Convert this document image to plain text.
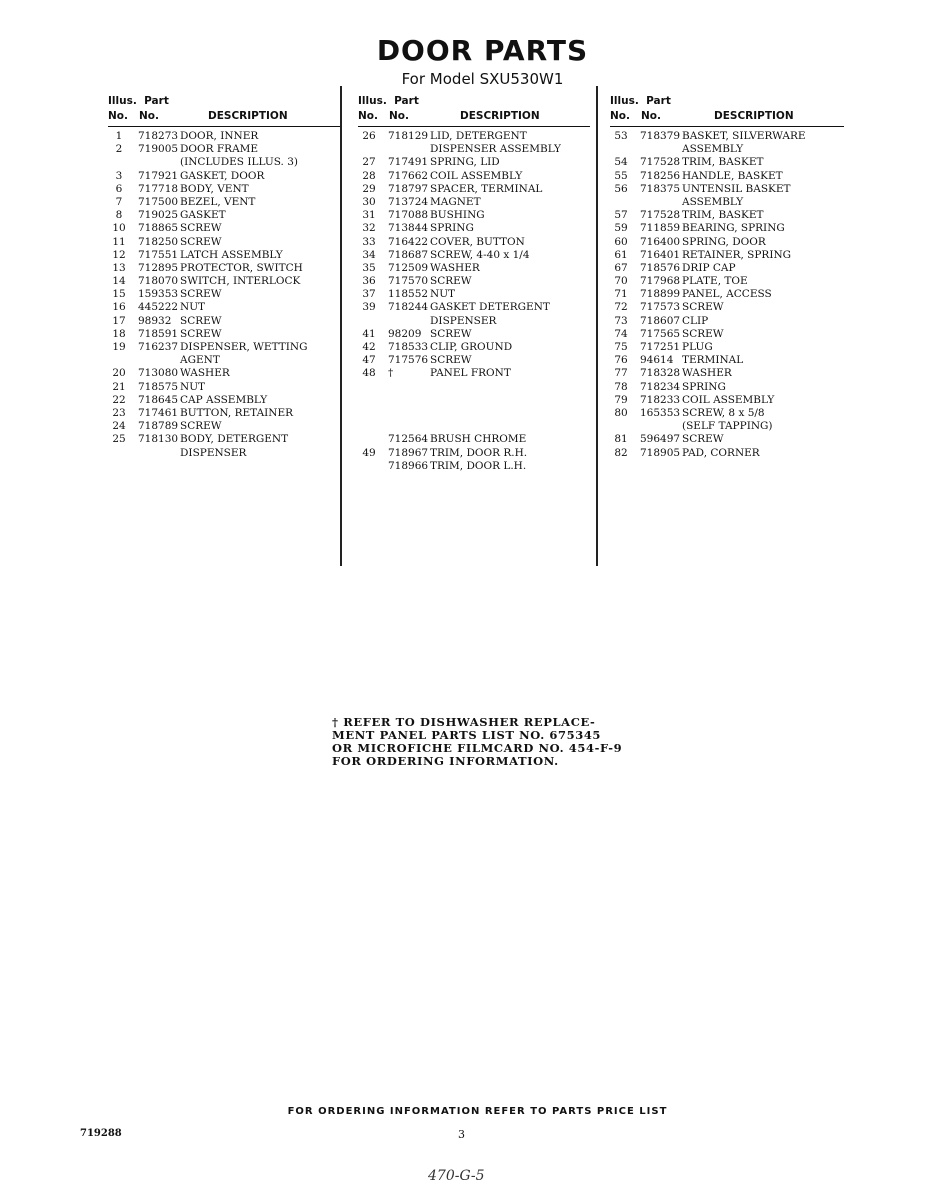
DOOR PARTS
For Model SXU530W1
Illus. Part
No. No.	DESCRIPTION
1	718273 DOOR, INNER
2	719005 DOOR FRAME
(INCLUDES ILLUS. 3)
3	717921 GASKET, DOOR
6	717718 BODY, VENT
7	717500 BEZEL, VENT
8	719025 GASKET
10	718865 SCREW
11	718250 SCREW
12	717551 LATCH ASSEMBLY
13	712895 PROTECTOR, SWITCH
14	718070 SWITCH, INTERLOCK
15	159353 SCREW
16	445222 NUT
17	98932 SCREW
18	718591 SCREW
19	716237 DISPENSER, WETTING
AGENT
20	713080 WASHER
21	718575 NUT
22	718645 CAP ASSEMBLY
23	717461 BUTTON, RETAINER
24	718789 SCREW
25	718130 BODY, DETERGENT
DISPENSER
Illus. Part
No. No.	DESCRIPTION
26	718129 LID, DETERGENT
DISPENSER ASSEMBLY
27	717491 SPRING, LID
28	717662 COIL ASSEMBLY
29	718797 SPACER, TERMINAL
30	713724 MAGNET
31	717088 BUSHING
32	713844 SPRING
33	716422 COVER, BUTTON
34	718687 SCREW, 4-40 x 1/4
35	712509 WASHER
36	717570 SCREW
37	118552 NUT
39	718244 GASKET DETERGENT
DISPENSER
41	98209 SCREW
42	718533 CLIP, GROUND
47	717576 SCREW
48	†	PANEL FRONT
712564 BRUSH CHROME
49	718967 TRIM, DOOR R.H.
718966 TRIM, DOOR L.H.
Illus. Part
No. No.	DESCRIPTION
53	718379 BASKET, SILVERWARE
ASSEMBLY
54	717528 TRIM, BASKET
55	718256 HANDLE, BASKET
56	718375 UNTENSIL BASKET
ASSEMBLY
57	717528 TRIM, BASKET
59	711859 BEARING, SPRING
60	716400 SPRING, DOOR
61	716401 RETAINER, SPRING
67	718576 DRIP CAP
70	717968 PLATE, TOE
71	718899 PANEL, ACCESS
72	717573 SCREW
73	718607 CLIP
74	717565 SCREW
75	717251 PLUG
76	94614 TERMINAL
77	718328 WASHER
78	718234 SPRING
79	718233 COIL ASSEMBLY
80	165353 SCREW, 8 x 5/8
(SELF TAPPING)
81	596497 SCREW
82	718905 PAD, CORNER
† REFER TO DISHWASHER REPLACE-
MENT PANEL PARTS LIST NO. 675345
OR MICROFICHE FILMCARD NO. 454-F-9
FOR ORDERING INFORMATION.
FOR ORDERING INFORMATION REFER TO PARTS PRICE LIST
719288	3
470-G-5
